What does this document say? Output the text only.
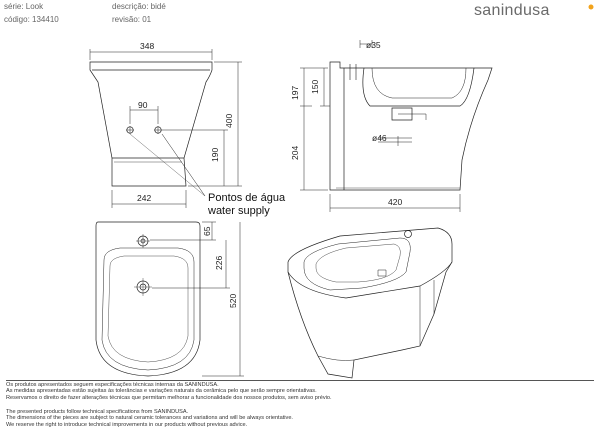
série: Look	descrição: bidé
código: 134410	revisão: 01
sanindusa
348
90
400
190
242
197 150
204
ø35
ø46
420
65
226
520
Pontos de água
water supply
Os produtos apresentados seguem especificações técnicas internas da SANINDUSA.
As medidas apresentadas estão sujeitas às tolerâncias e variações naturais da cerâmica pelo que serão sempre orientativas.
Reservamos o direito de fazer alterações técnicas que permitam melhorar a funcionalidade dos nossos produtos, sem aviso prévio.
The presented products follow technical specifications from SANINDUSA.
The dimensions of the pieces are subject to natural ceramic tolerances and variations and will be always orientative.
We reserve the right to introduce technical improvements in our products without previous advice.
